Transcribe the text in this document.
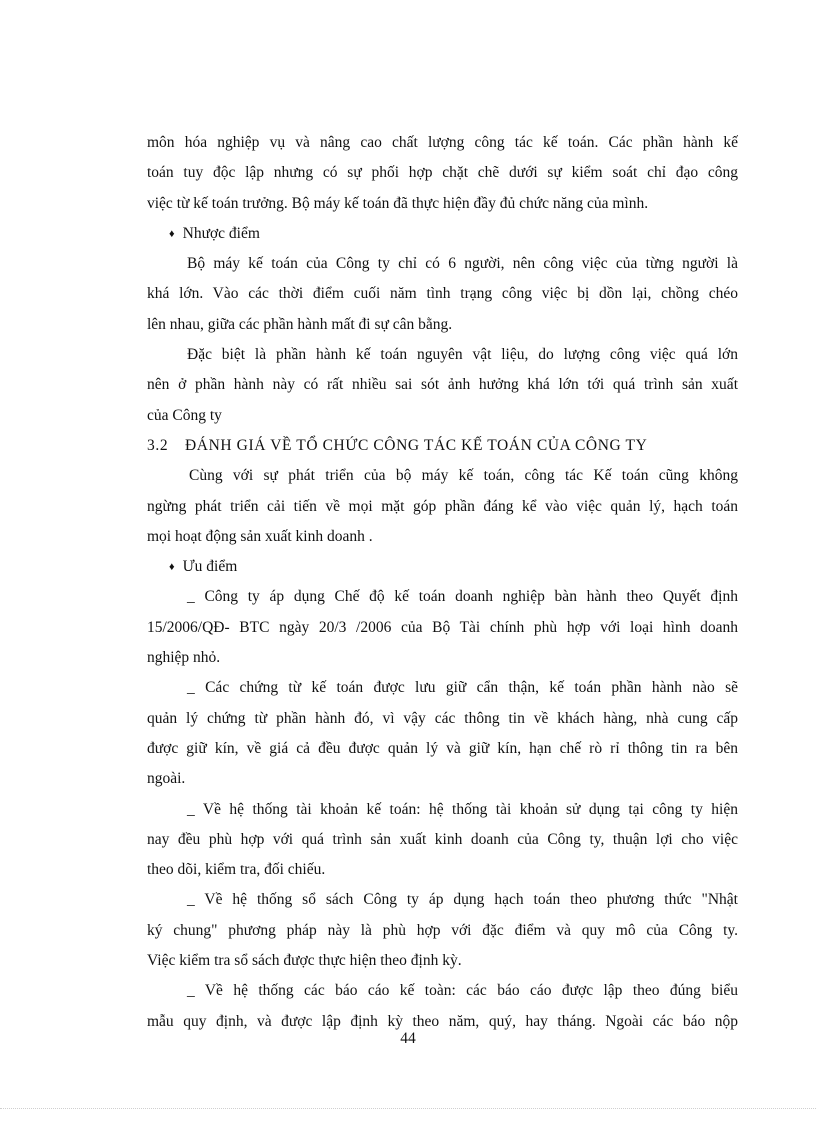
môn hóa nghiệp vụ và nâng cao chất lượng công tác kế toán. Các phần hành kế
toán tuy độc lập nhưng có sự phối hợp chặt chẽ dưới sự kiểm soát chỉ đạo công
việc từ kế toán trưởng. Bộ máy kế toán đã thực hiện đầy đủ chức năng của mình.
♦ Nhược điểm
Bộ máy kế toán của Công ty chỉ có 6 người, nên công việc của từng người là
khá lớn. Vào các thời điểm cuối năm tình trạng công việc bị dồn lại, chồng chéo
lên nhau, giữa các phần hành mất đi sự cân bằng.
Đặc biệt là phần hành kế toán nguyên vật liệu, do lượng công việc quá lớn
nên ở phần hành này có rất nhiều sai sót ảnh hưởng khá lớn tới quá trình sản xuất
của Công ty
3.2 ĐÁNH GIÁ VỀ TỔ CHỨC CÔNG TÁC KẾ TOÁN CỦA CÔNG TY
Cùng với sự phát triển của bộ máy kế toán, công tác Kế toán cũng không
ngừng phát triển cải tiến về mọi mặt góp phần đáng kể vào việc quản lý, hạch toán
mọi hoạt động sản xuất kinh doanh .
♦ Ưu điểm
_ Công ty áp dụng Chế độ kế toán doanh nghiệp bàn hành theo Quyết định
15/2006/QĐ- BTC ngày 20/3 /2006 của Bộ Tài chính phù hợp với loại hình doanh
nghiệp nhỏ.
_ Các chứng từ kế toán được lưu giữ cẩn thận, kế toán phần hành nào sẽ
quản lý chứng từ phần hành đó, vì vậy các thông tin về khách hàng, nhà cung cấp
được giữ kín, về giá cả đều được quản lý và giữ kín, hạn chế rò rỉ thông tin ra bên
ngoài.
_ Về hệ thống tài khoản kế toán: hệ thống tài khoản sử dụng tại công ty hiện
nay đều phù hợp với quá trình sản xuất kinh doanh của Công ty, thuận lợi cho việc
theo dõi, kiểm tra, đối chiếu.
_ Về hệ thống sổ sách Công ty áp dụng hạch toán theo phương thức "Nhật
ký chung" phương pháp này là phù hợp với đặc điểm và quy mô của Công ty.
Việc kiểm tra sổ sách được thực hiện theo định kỳ.
_ Về hệ thống các báo cáo kế toàn: các báo cáo được lập theo đúng biểu
mẫu quy định, và được lập định kỳ theo năm, quý, hay tháng. Ngoài các báo nộp
44
